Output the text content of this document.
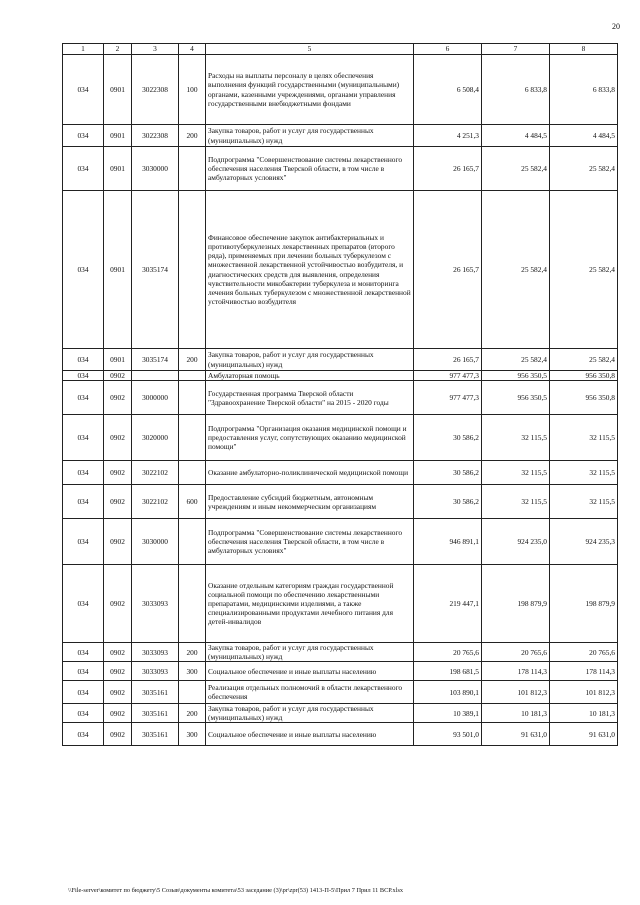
20
1	2	3	4	5	6	7	8
034	0901	3022308	100	Расходы на выплаты персоналу в целях обеспечения выполнения функций государственными (муниципальными) органами, казенными учреждениями, органами управления государственными внебюджетными фондами	6 508,4	6 833,8	6 833,8
034	0901	3022308	200	Закупка товаров, работ и услуг для государственных (муниципальных) нужд	4 251,3	4 484,5	4 484,5
034	0901	3030000		Подпрограмма "Совершенствование системы лекарственного обеспечения населения Тверской области, в том числе в амбулаторных условиях"	26 165,7	25 582,4	25 582,4
034	0901	3035174		Финансовое обеспечение закупок антибактериальных и противотуберкулезных лекарственных препаратов (второго ряда), применяемых при лечении больных туберкулезом с множественной лекарственной устойчивостью возбудителя, и диагностических средств для выявления, определения чувствительности микобактерии туберкулеза и мониторинга лечения больных туберкулезом с множественной лекарственной устойчивостью возбудителя	26 165,7	25 582,4	25 582,4
034	0901	3035174	200	Закупка товаров, работ и услуг для государственных (муниципальных) нужд	26 165,7	25 582,4	25 582,4
034	0902			Амбулаторная помощь	977 477,3	956 350,5	956 350,8
034	0902	3000000		Государственная программа Тверской области "Здравоохранение Тверской области" на 2015 - 2020 годы	977 477,3	956 350,5	956 350,8
034	0902	3020000		Подпрограмма "Организация оказания медицинской помощи и предоставления услуг, сопутствующих оказанию медицинской помощи"	30 586,2	32 115,5	32 115,5
034	0902	3022102		Оказание амбулаторно-поликлинической медицинской помощи	30 586,2	32 115,5	32 115,5
034	0902	3022102	600	Предоставление субсидий бюджетным, автономным учреждениям и иным некоммерческим организациям	30 586,2	32 115,5	32 115,5
034	0902	3030000		Подпрограмма "Совершенствование системы лекарственного обеспечения населения Тверской области, в том числе в амбулаторных условиях"	946 891,1	924 235,0	924 235,3
034	0902	3033093		Оказание отдельным категориям граждан государственной социальной помощи по обеспечению лекарственными препаратами, медицинскими изделиями, а также специализированными продуктами лечебного питания для детей-инвалидов	219 447,1	198 879,9	198 879,9
034	0902	3033093	200	Закупка товаров, работ и услуг для государственных (муниципальных) нужд	20 765,6	20 765,6	20 765,6
034	0902	3033093	300	Социальное обеспечение и иные выплаты населению	198 681,5	178 114,3	178 114,3
034	0902	3035161		Реализация отдельных полномочий в области лекарственного обеспечения	103 890,1	101 812,3	101 812,3
034	0902	3035161	200	Закупка товаров, работ и услуг для государственных (муниципальных) нужд	10 389,1	10 181,3	10 181,3
034	0902	3035161	300	Социальное обеспечение и иные выплаты населению	93 501,0	91 631,0	91 631,0
\\File-server\комитет по бюджету\5 Созыв\документы комитета\53 заседание (3)\pr\zpr(53) 1413-П-5\Прил 7 Прил 11 ВСР.xlsx
